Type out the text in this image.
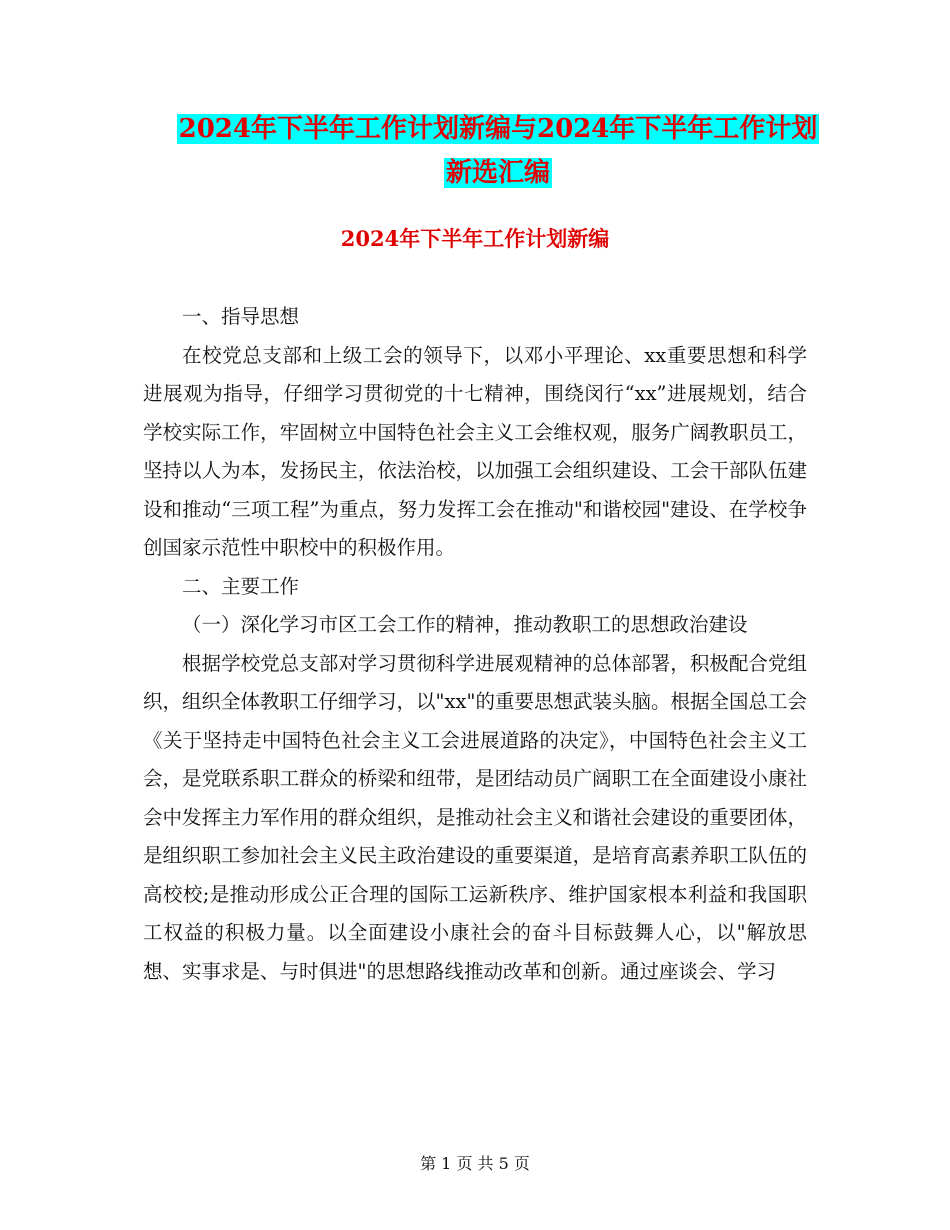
2024年下半年工作计划新编与2024年下半年工作计划
新选汇编
2024年下半年工作计划新编

一、指导思想

在校党总支部和上级工会的领导下，以邓小平理论、xx重要思想和科学进展观为指导，仔细学习贯彻党的十七精神，围绕闵行“xx”进展规划，结合学校实际工作，牢固树立中国特色社会主义工会维权观，服务广阔教职员工，坚持以人为本，发扬民主，依法治校，以加强工会组织建设、工会干部队伍建设和推动“三项工程”为重点，努力发挥工会在推动"和谐校园"建设、在学校争创国家示范性中职校中的积极作用。

二、主要工作

（一）深化学习市区工会工作的精神，推动教职工的思想政治建设

根据学校党总支部对学习贯彻科学进展观精神的总体部署，积极配合党组织，组织全体教职工仔细学习，以"xx"的重要思想武装头脑。根据全国总工会《关于坚持走中国特色社会主义工会进展道路的决定》，中国特色社会主义工会，是党联系职工群众的桥梁和纽带，是团结动员广阔职工在全面建设小康社会中发挥主力军作用的群众组织，是推动社会主义和谐社会建设的重要团体，是组织职工参加社会主义民主政治建设的重要渠道，是培育高素养职工队伍的高校校;是推动形成公正合理的国际工运新秩序、维护国家根本利益和我国职工权益的积极力量。以全面建设小康社会的奋斗目标鼓舞人心，以"解放思想、实事求是、与时俱进"的思想路线推动改革和创新。通过座谈会、学习

第 1 页 共 5 页
